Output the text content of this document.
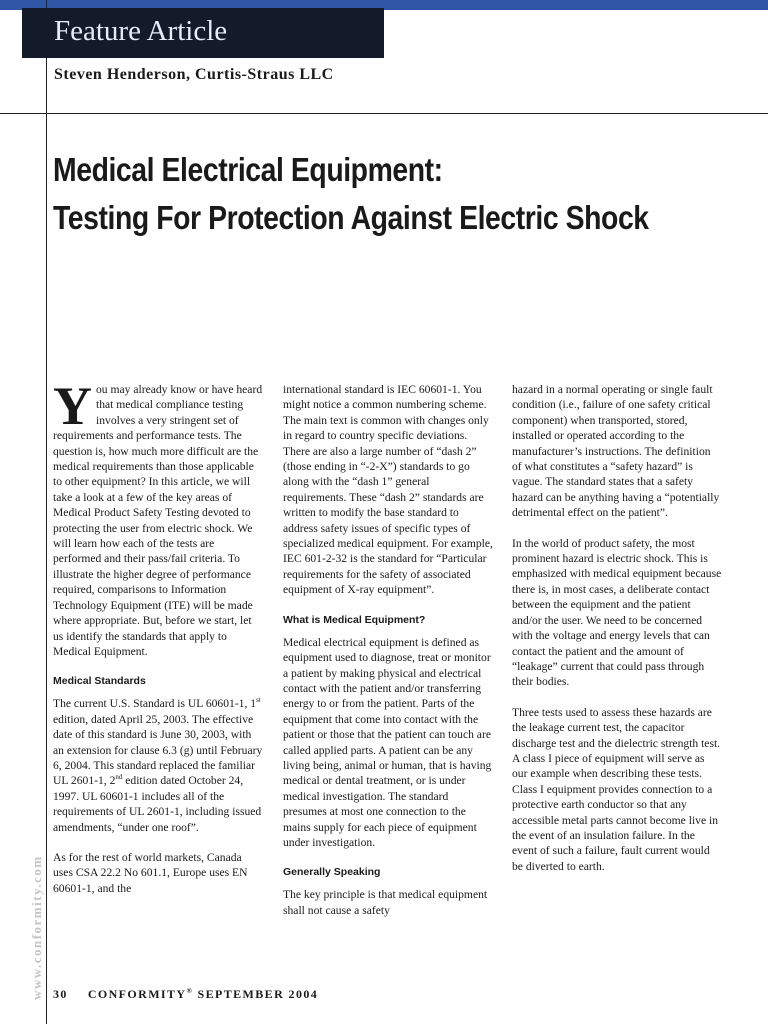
Feature Article
Steven Henderson, Curtis-Straus LLC
Medical Electrical Equipment:
Testing For Protection Against Electric Shock

You may already know or have heard that medical compliance testing involves a very stringent set of requirements and performance tests. The question is, how much more difficult are the medical requirements than those applicable to other equipment? In this article, we will take a look at a few of the key areas of Medical Product Safety Testing devoted to protecting the user from electric shock. We will learn how each of the tests are performed and their pass/fail criteria. To illustrate the higher degree of performance required, comparisons to Information Technology Equipment (ITE) will be made where appropriate. But, before we start, let us identify the standards that apply to Medical Equipment.

Medical Standards

The current U.S. Standard is UL 60601-1, 1st edition, dated April 25, 2003. The effective date of this standard is June 30, 2003, with an extension for clause 6.3 (g) until February 6, 2004. This standard replaced the familiar UL 2601-1, 2nd edition dated October 24, 1997. UL 60601-1 includes all of the requirements of UL 2601-1, including issued amendments, “under one roof”.

As for the rest of world markets, Canada uses CSA 22.2 No 601.1, Europe uses EN 60601-1, and the

international standard is IEC 60601-1. You might notice a common numbering scheme. The main text is common with changes only in regard to country specific deviations. There are also a large number of “dash 2” (those ending in “-2-X”) standards to go along with the “dash 1” general requirements. These “dash 2” standards are written to modify the base standard to address safety issues of specific types of specialized medical equipment. For example, IEC 601-2-32 is the standard for “Particular requirements for the safety of associated equipment of X-ray equipment”.

What is Medical Equipment?

Medical electrical equipment is defined as equipment used to diagnose, treat or monitor a patient by making physical and electrical contact with the patient and/or transferring energy to or from the patient. Parts of the equipment that come into contact with the patient or those that the patient can touch are called applied parts. A patient can be any living being, animal or human, that is having medical or dental treatment, or is under medical investigation. The standard presumes at most one connection to the mains supply for each piece of equipment under investigation.

Generally Speaking

The key principle is that medical equipment shall not cause a safety

hazard in a normal operating or single fault condition (i.e., failure of one safety critical component) when transported, stored, installed or operated according to the manufacturer’s instructions. The definition of what constitutes a “safety hazard” is vague. The standard states that a safety hazard can be anything having a “potentially detrimental effect on the patient”.

In the world of product safety, the most prominent hazard is electric shock. This is emphasized with medical equipment because there is, in most cases, a deliberate contact between the equipment and the patient and/or the user. We need to be concerned with the voltage and energy levels that can contact the patient and the amount of “leakage” current that could pass through their bodies.

Three tests used to assess these hazards are the leakage current test, the capacitor discharge test and the dielectric strength test. A class I piece of equipment will serve as our example when describing these tests. Class I equipment provides connection to a protective earth conductor so that any accessible metal parts cannot become live in the event of an insulation failure. In the event of such a failure, fault current would be diverted to earth.

www.conformity.com 30 CONFORMITY® SEPTEMBER 2004
